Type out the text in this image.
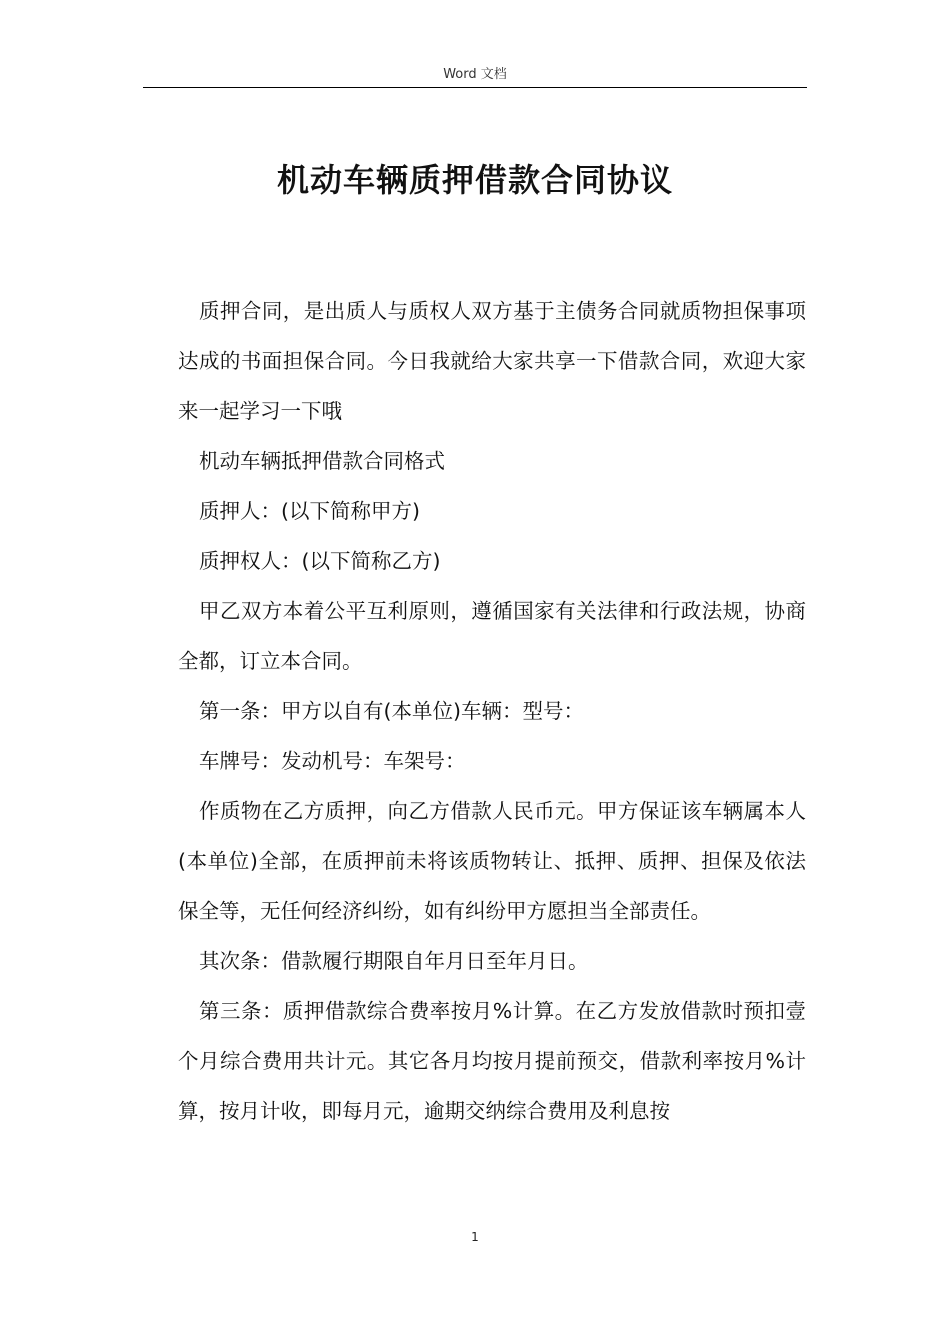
Word 文档
机动车辆质押借款合同协议

质押合同，是出质人与质权人双方基于主债务合同就质物担保事项达成的书面担保合同。今日我就给大家共享一下借款合同，欢迎大家来一起学习一下哦

机动车辆抵押借款合同格式

质押人：(以下简称甲方)

质押权人：(以下简称乙方)

甲乙双方本着公平互利原则，遵循国家有关法律和行政法规，协商全都，订立本合同。

第一条：甲方以自有(本单位)车辆：型号：

车牌号：发动机号：车架号：

作质物在乙方质押，向乙方借款人民币元。甲方保证该车辆属本人(本单位)全部，在质押前未将该质物转让、抵押、质押、担保及依法保全等，无任何经济纠纷，如有纠纷甲方愿担当全部责任。

其次条：借款履行期限自年月日至年月日。

第三条：质押借款综合费率按月%计算。在乙方发放借款时预扣壹个月综合费用共计元。其它各月均按月提前预交，借款利率按月%计算，按月计收，即每月元，逾期交纳综合费用及利息按

1
